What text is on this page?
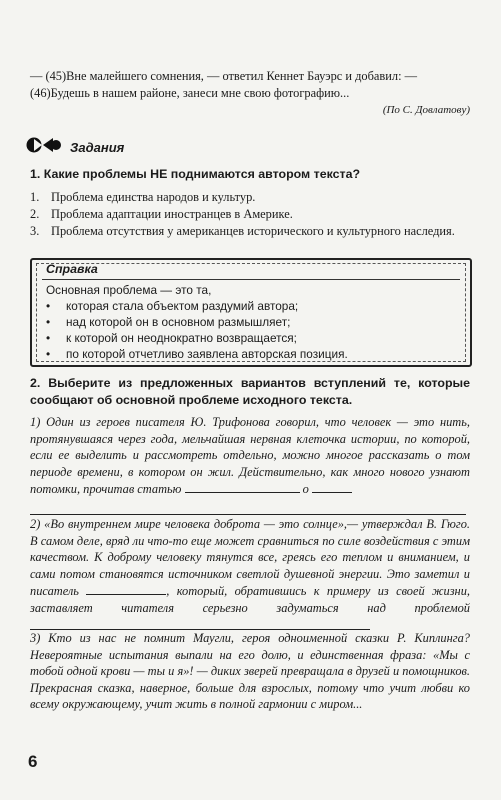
— (45)Вне малейшего сомнения, — ответил Кеннет Бауэрс и добавил: —
(46)Будешь в нашем районе, занеси мне свою фотографию...
(По С. Довлатову)
Задания
1. Какие проблемы НЕ поднимаются автором текста?
1. Проблема единства народов и культур.
2. Проблема адаптации иностранцев в Америке.
3. Проблема отсутствия у американцев исторического и культурного наследия.
Справка
Основная проблема — это та,
•	которая стала объектом раздумий автора;
•	над которой он в основном размышляет;
•	к которой он неоднократно возвращается;
•	по которой отчетливо заявлена авторская позиция.
2. Выберите из предложенных вариантов вступлений те, которые сообщают об основной проблеме исходного текста.
1) Один из героев писателя Ю. Трифонова говорил, что человек — это нить, протянувшаяся через года, мельчайшая нервная клеточка истории, по которой, если ее выделить и рассмотреть отдельно, можно многое рассказать о том периоде времени, в котором он жил. Действительно, как много нового узнают потомки, прочитав статью	о
2) «Во внутреннем мире человека доброта — это солнце»,— утверждал В. Гюго. В самом деле, вряд ли что-то еще может сравниться по силе воздействия с этим качеством. К доброму человеку тянутся все, греясь его теплом и вниманием, и сами потом становятся источником светлой душевной энергии. Это заметил и писатель	, который, обратившись к примеру из своей жизни, заставляет читателя серьезно задуматься над проблемой
3) Кто из нас не помнит Маугли, героя одноименной сказки Р. Киплинга? Невероятные испытания выпали на его долю, и единственная фраза: «Мы с тобой одной крови — ты и я»! — диких зверей превращала в друзей и помощников. Прекрасная сказка, наверное, больше для взрослых, потому что учит любви ко всему окружающему, учит жить в полной гармонии с миром...
6
